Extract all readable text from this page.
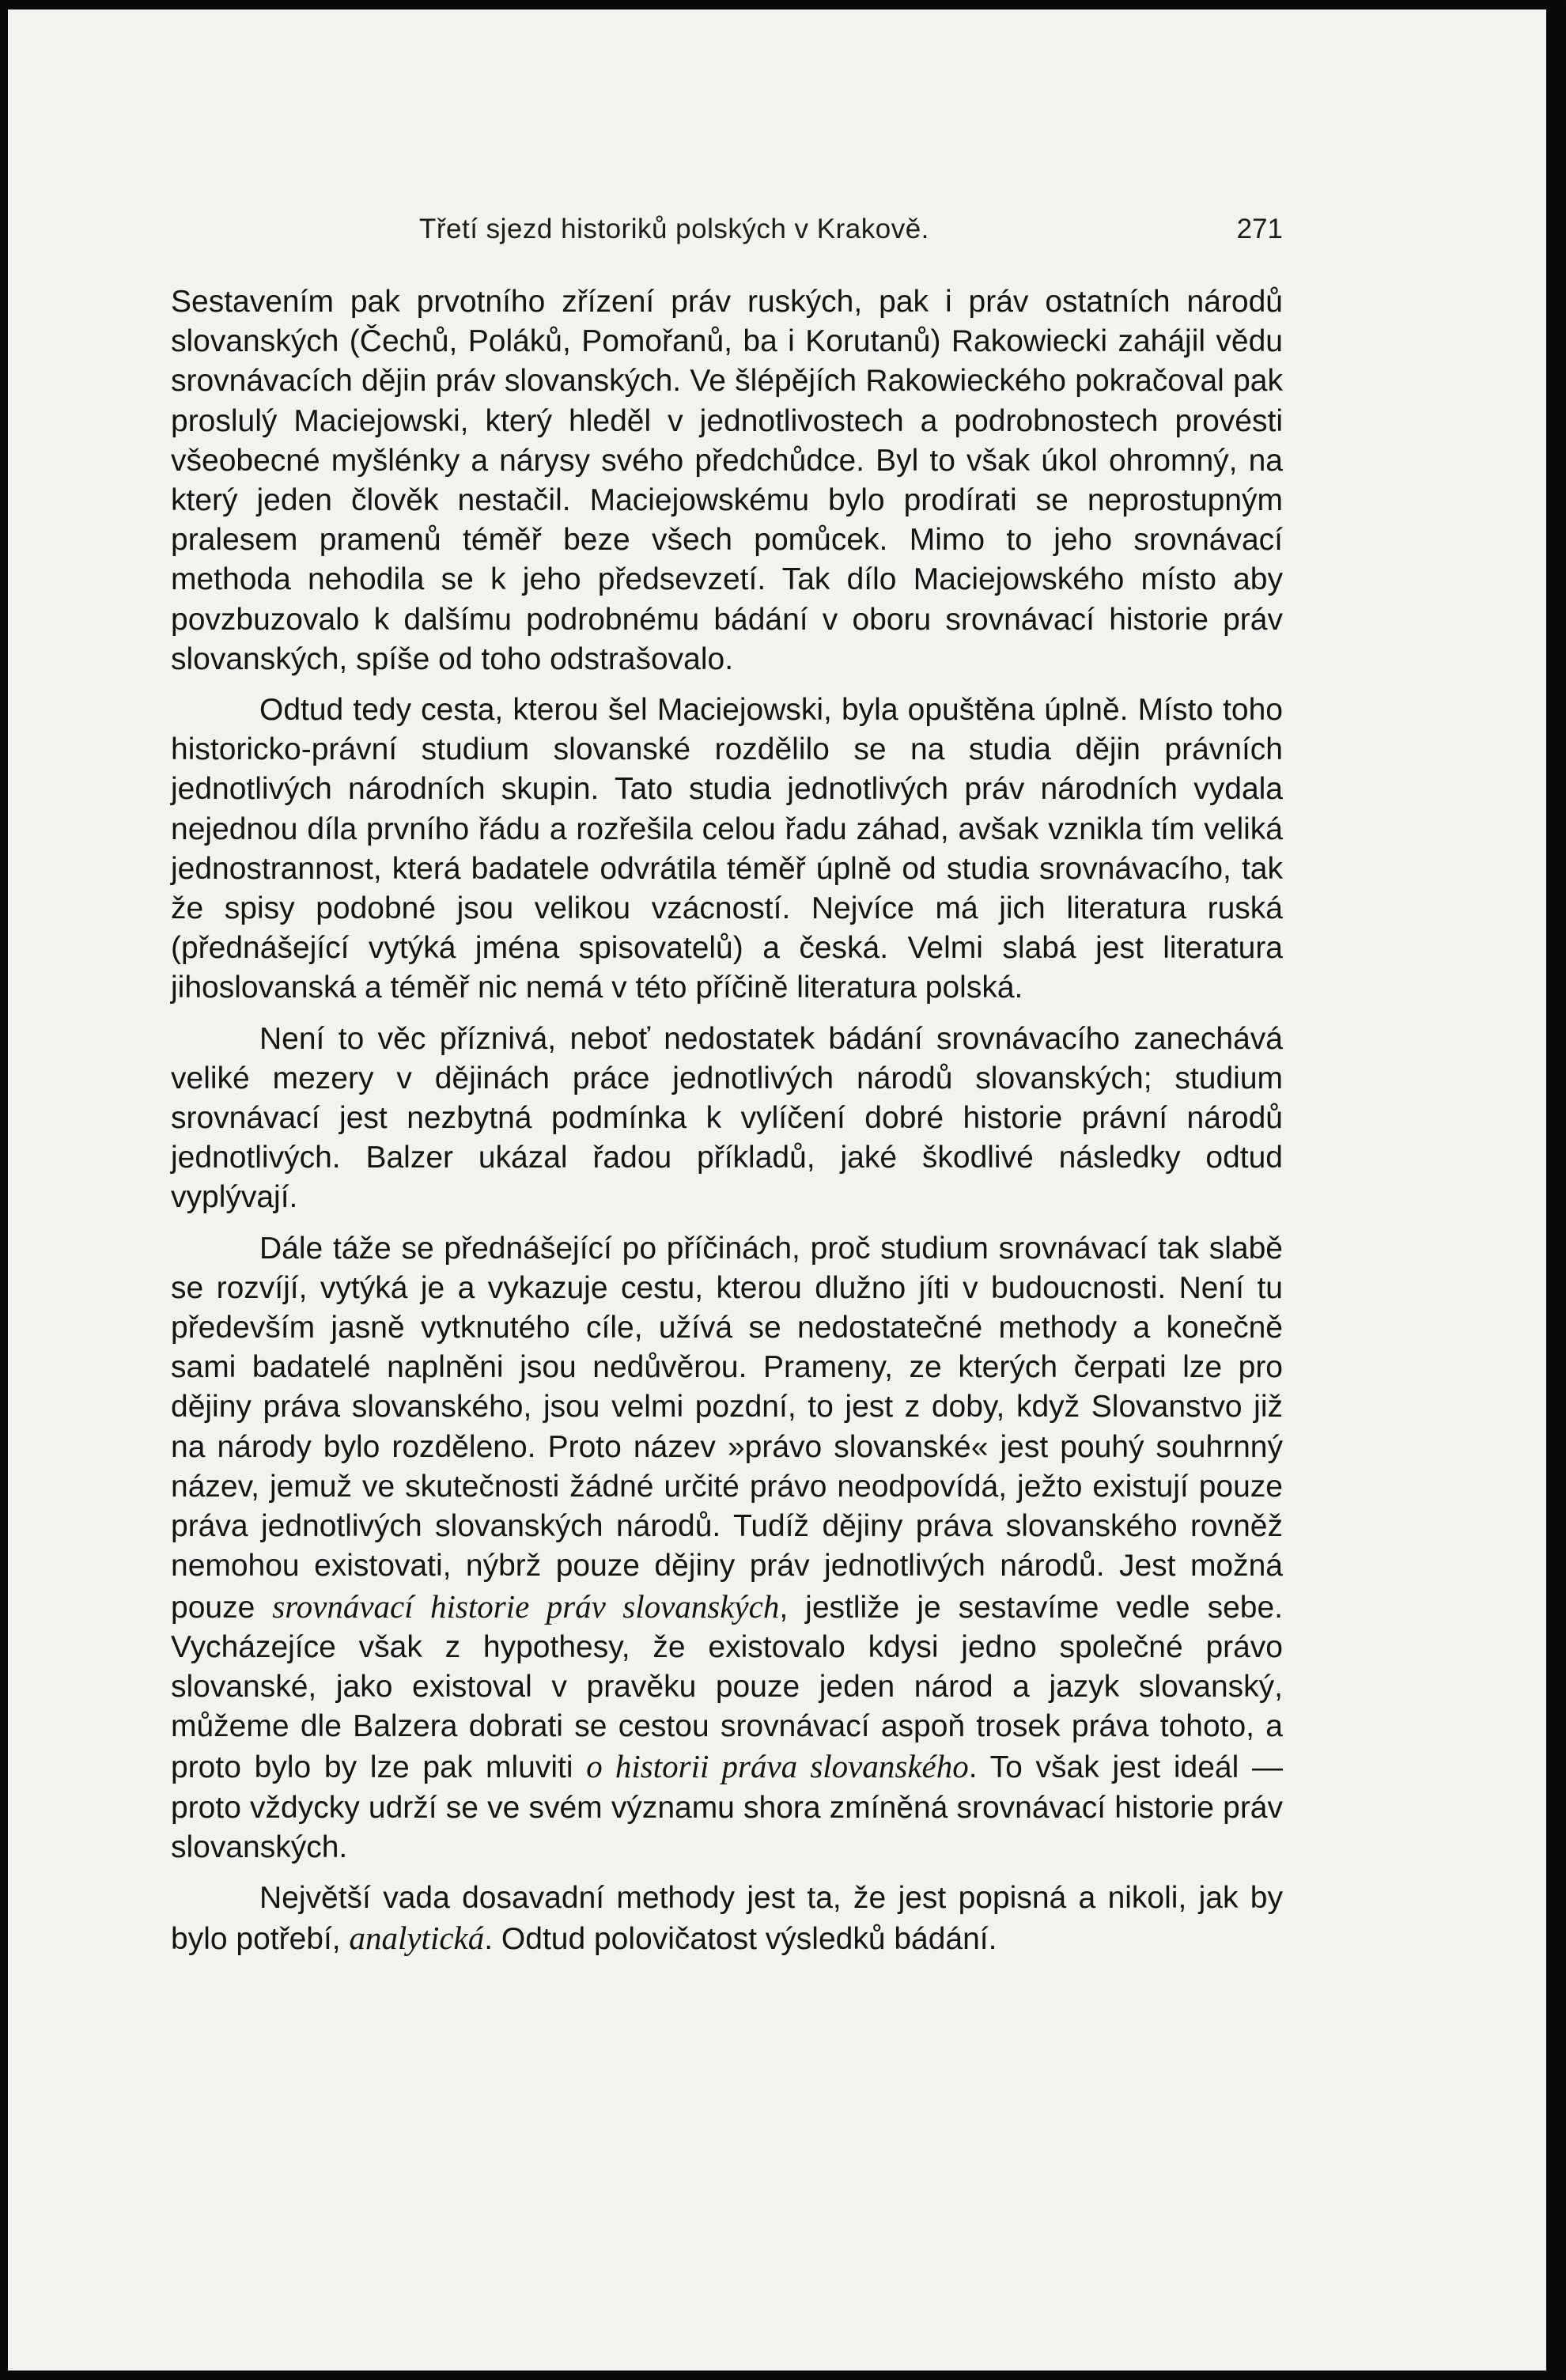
Třetí sjezd historiků polských v Krakově.	271

Sestavením pak prvotního zřízení práv ruských, pak i práv ostatních národů slovanských (Čechů, Poláků, Pomořanů, ba i Korutanů) Rakowiecki zahájil vědu srovnávacích dějin práv slovanských. Ve šlépějích Rakowieckého pokračoval pak proslulý Maciejowski, který hleděl v jednotlivostech a podrobnostech provésti všeobecné myšlénky a nárysy svého předchůdce. Byl to však úkol ohromný, na který jeden člověk nestačil. Maciejowskému bylo prodírati se neprostupným pralesem pramenů téměř beze všech pomůcek. Mimo to jeho srovnávací methoda nehodila se k jeho předsevzetí. Tak dílo Maciejowského místo aby povzbuzovalo k dalšímu podrobnému bádání v oboru srovnávací historie práv slovanských, spíše od toho odstrašovalo.

Odtud tedy cesta, kterou šel Maciejowski, byla opuštěna úplně. Místo toho historicko-právní studium slovanské rozdělilo se na studia dějin právních jednotlivých národních skupin. Tato studia jednotlivých práv národních vydala nejednou díla prvního řádu a rozřešila celou řadu záhad, avšak vznikla tím veliká jednostrannost, která badatele odvrátila téměř úplně od studia srovnávacího, tak že spisy podobné jsou velikou vzácností. Nejvíce má jich literatura ruská (přednášející vytýká jména spisovatelů) a česká. Velmi slabá jest literatura jihoslovanská a téměř nic nemá v této příčině literatura polská.

Není to věc příznivá, neboť nedostatek bádání srovnávacího zanechává veliké mezery v dějinách práce jednotlivých národů slovanských; studium srovnávací jest nezbytná podmínka k vylíčení dobré historie právní národů jednotlivých. Balzer ukázal řadou příkladů, jaké škodlivé následky odtud vyplývají.

Dále táže se přednášející po příčinách, proč studium srovnávací tak slabě se rozvíjí, vytýká je a vykazuje cestu, kterou dlužno jíti v budoucnosti. Není tu především jasně vytknutého cíle, užívá se nedostatečné methody a konečně sami badatelé naplněni jsou nedůvěrou. Prameny, ze kterých čerpati lze pro dějiny práva slovanského, jsou velmi pozdní, to jest z doby, když Slovanstvo již na národy bylo rozděleno. Proto název »právo slovanské« jest pouhý souhrnný název, jemuž ve skutečnosti žádné určité právo neodpovídá, ježto existují pouze práva jednotlivých slovanských národů. Tudíž dějiny práva slovanského rovněž nemohou existovati, nýbrž pouze dějiny práv jednotlivých národů. Jest možná pouze srovnávací historie práv slovanských, jestliže je sestavíme vedle sebe. Vycházejíce však z hypothesy, že existovalo kdysi jedno společné právo slovanské, jako existoval v pravěku pouze jeden národ a jazyk slovanský, můžeme dle Balzera dobrati se cestou srovnávací aspoň trosek práva tohoto, a proto bylo by lze pak mluviti o historii práva slovanského. To však jest ideál — proto vždycky udrží se ve svém významu shora zmíněná srovnávací historie práv slovanských.

Největší vada dosavadní methody jest ta, že jest popisná a nikoli, jak by bylo potřebí, analytická. Odtud polovičatost výsledků bádání.
